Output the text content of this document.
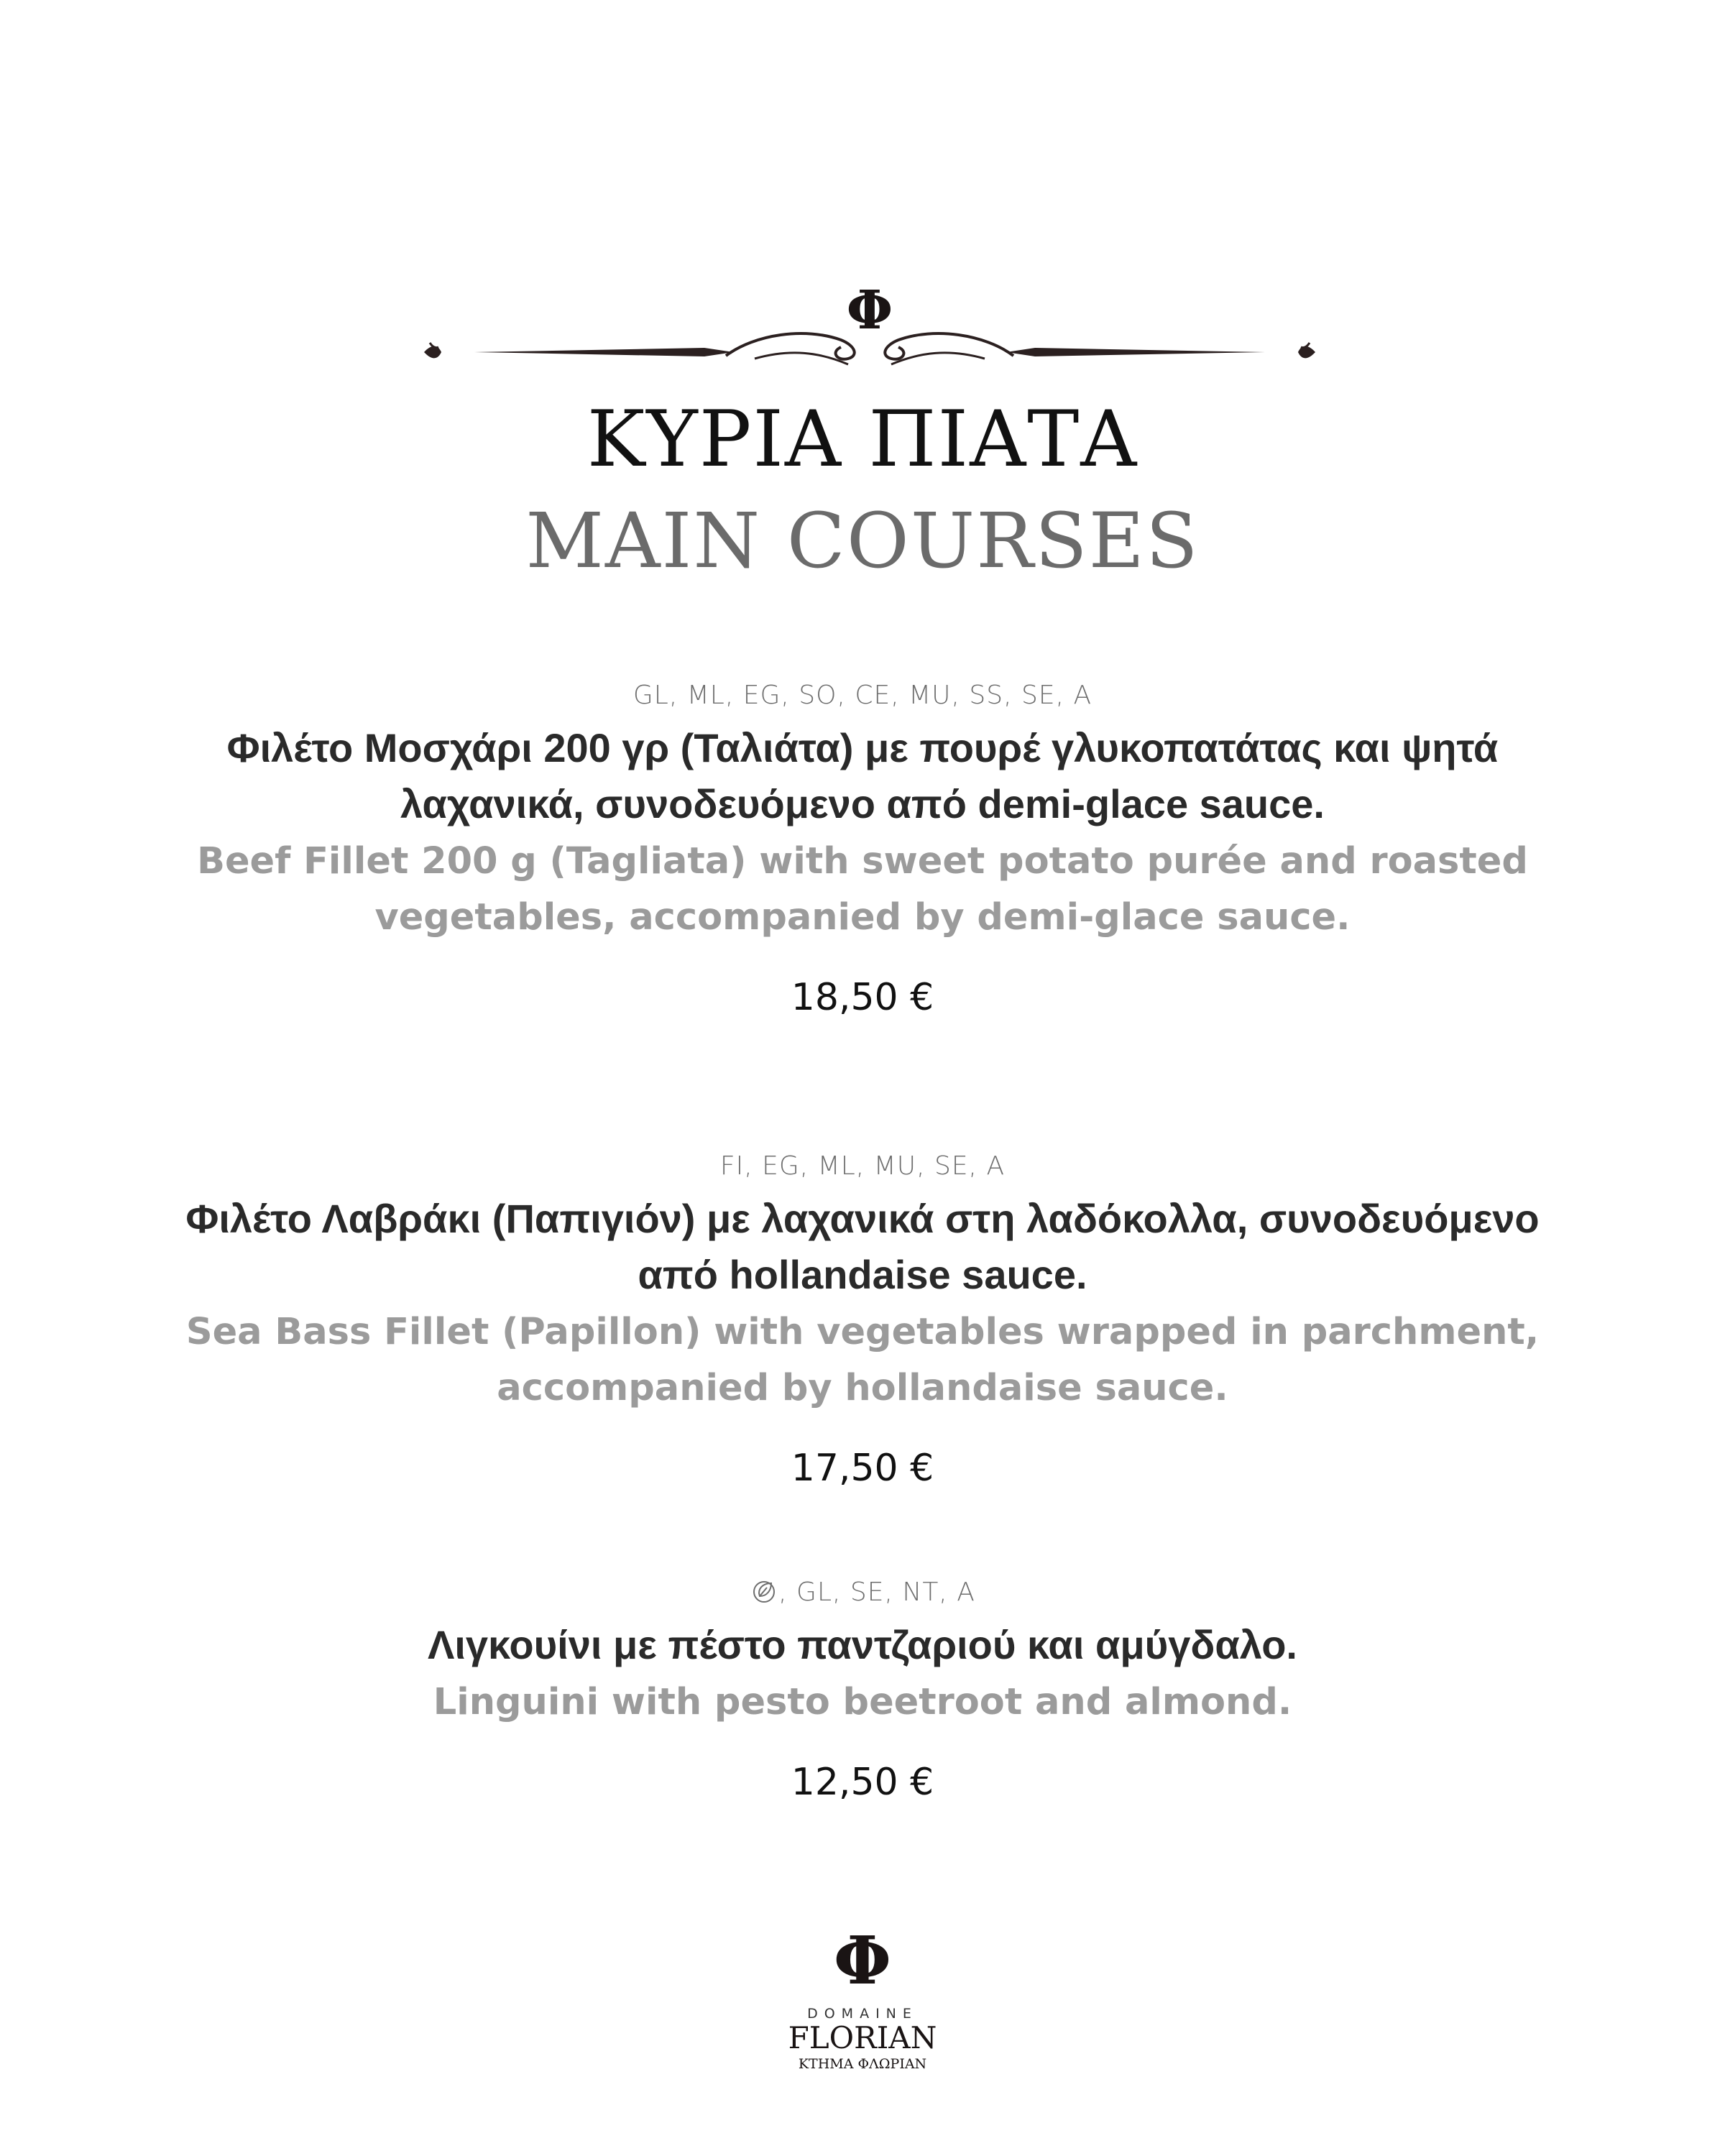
Φ
ΚΥΡΙΑ ΠΙΑΤΑ
MAIN COURSES

GL, ML, EG, SO, CE, MU, SS, SE, A

Φιλέτο Μοσχάρι 200 γρ (Ταλιάτα) με πουρέ γλυκοπατάτας και ψητά λαχανικά, συνοδευόμενο από demi-glace sauce.
Beef Fillet 200 g (Tagliata) with sweet potato purée and roasted vegetables, accompanied by demi-glace sauce.
18,50 €

FI, EG, ML, MU, SE, A

Φιλέτο Λαβράκι (Παπιγιόν) με λαχανικά στη λαδόκολλα, συνοδευόμενο από hollandaise sauce.
Sea Bass Fillet (Papillon) with vegetables wrapped in parchment, accompanied by hollandaise sauce.
17,50 €

, GL, SE, NT, A

Λιγκουίνι με πέστο παντζαριού και αμύγδαλο.
Linguini with pesto beetroot and almond.
12,50 €
Φ
DOMAINE
FLORIAN
ΚΤΗΜΑ ΦΛΩΡΙΑΝ
